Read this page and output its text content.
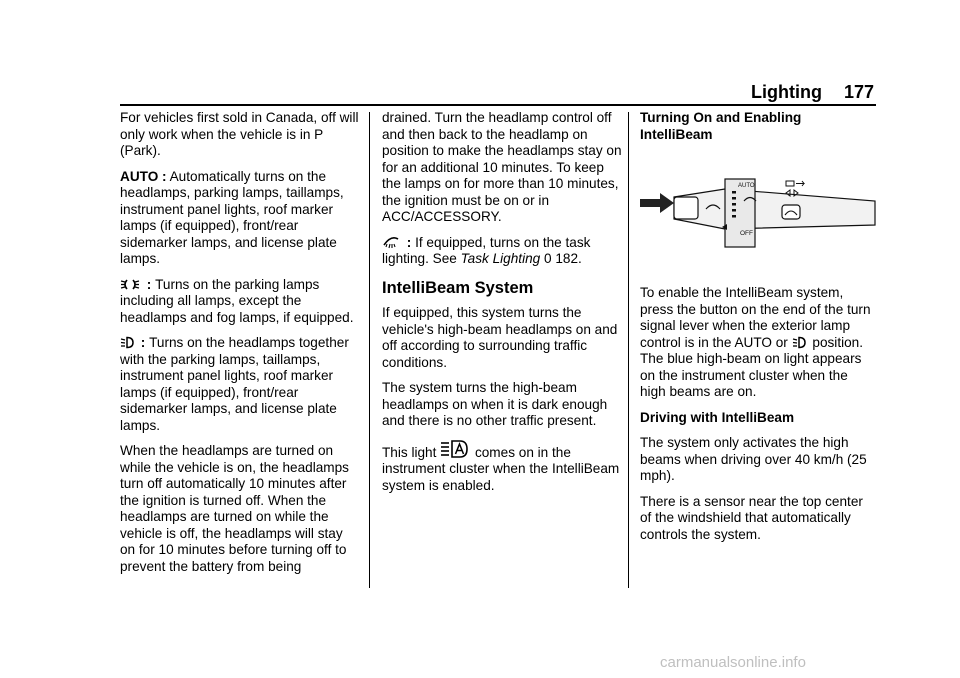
Lighting 177

For vehicles first sold in Canada, off will only work when the vehicle is in P (Park).

AUTO : Automatically turns on the headlamps, parking lamps, taillamps, instrument panel lights, roof marker lamps (if equipped), front/rear sidemarker lamps, and license plate lamps.

: Turns on the parking lamps including all lamps, except the headlamps and fog lamps, if equipped.

: Turns on the headlamps together with the parking lamps, taillamps, instrument panel lights, roof marker lamps (if equipped), front/rear sidemarker lamps, and license plate lamps.

When the headlamps are turned on while the vehicle is on, the headlamps turn off automatically 10 minutes after the ignition is turned off. When the headlamps are turned on while the vehicle is off, the headlamps will stay on for 10 minutes before turning off to prevent the battery from being

drained. Turn the headlamp control off and then back to the headlamp on position to make the headlamps stay on for an additional 10 minutes. To keep the lamps on for more than 10 minutes, the ignition must be on or in ACC/ACCESSORY.

: If equipped, turns on the task lighting. See Task Lighting 0 182.

IntelliBeam System

If equipped, this system turns the vehicle's high-beam headlamps on and off according to surrounding traffic conditions.

The system turns the high-beam headlamps on when it is dark enough and there is no other traffic present.

This light  comes on in the instrument cluster when the IntelliBeam system is enabled.

Turning On and Enabling IntelliBeam

AUTO
OFF

To enable the IntelliBeam system, press the button on the end of the turn signal lever when the exterior lamp control is in the AUTO or  position. The blue high-beam on light appears on the instrument cluster when the high beams are on.

Driving with IntelliBeam

The system only activates the high beams when driving over 40 km/h (25 mph).

There is a sensor near the top center of the windshield that automatically controls the system.

carmanualsonline.info
